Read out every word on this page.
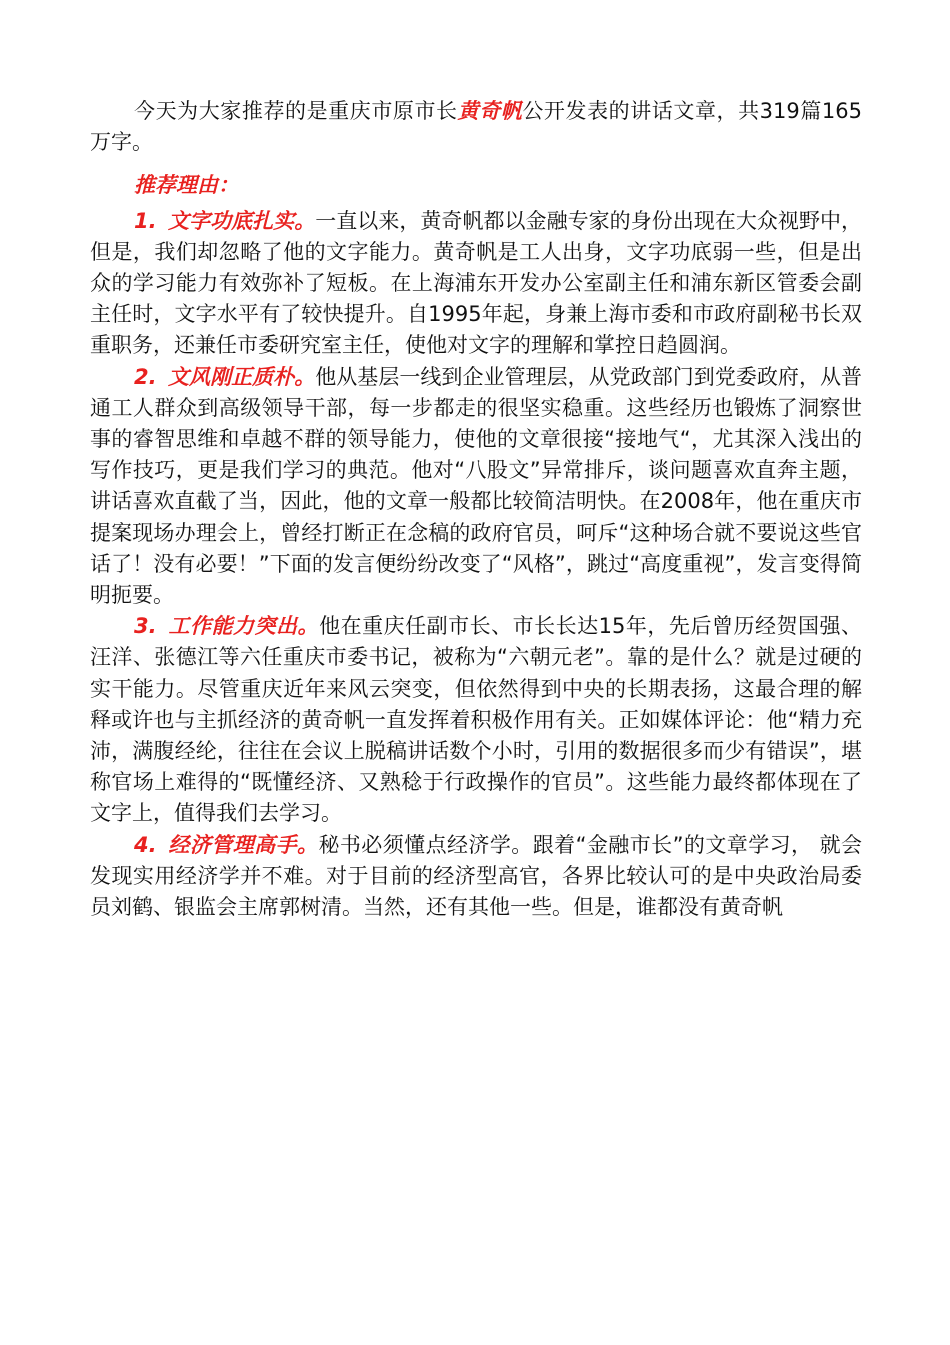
今天为大家推荐的是重庆市原市长黄奇帆公开发表的讲话文章，共319篇165万字。

推荐理由：

1. 文字功底扎实。一直以来，黄奇帆都以金融专家的身份出现在大众视野中，但是，我们却忽略了他的文字能力。黄奇帆是工人出身，文字功底弱一些，但是出众的学习能力有效弥补了短板。在上海浦东开发办公室副主任和浦东新区管委会副主任时，文字水平有了较快提升。自1995年起，身兼上海市委和市政府副秘书长双重职务，还兼任市委研究室主任，使他对文字的理解和掌控日趋圆润。

2. 文风刚正质朴。他从基层一线到企业管理层，从党政部门到党委政府，从普通工人群众到高级领导干部，每一步都走的很坚实稳重。这些经历也锻炼了洞察世事的睿智思维和卓越不群的领导能力，使他的文章很接“接地气“，尤其深入浅出的写作技巧，更是我们学习的典范。他对“八股文”异常排斥，谈问题喜欢直奔主题，讲话喜欢直截了当，因此，他的文章一般都比较简洁明快。在2008年，他在重庆市提案现场办理会上，曾经打断正在念稿的政府官员，呵斥“这种场合就不要说这些官话了！没有必要！”下面的发言便纷纷改变了“风格”，跳过“高度重视”，发言变得简明扼要。

3. 工作能力突出。他在重庆任副市长、市长长达15年，先后曾历经贺国强、汪洋、张德江等六任重庆市委书记，被称为“六朝元老”。靠的是什么？就是过硬的实干能力。尽管重庆近年来风云突变，但依然得到中央的长期表扬，这最合理的解释或许也与主抓经济的黄奇帆一直发挥着积极作用有关。正如媒体评论：他“精力充沛，满腹经纶，往往在会议上脱稿讲话数个小时，引用的数据很多而少有错误”，堪称官场上难得的“既懂经济、又熟稔于行政操作的官员”。这些能力最终都体现在了文字上，值得我们去学习。

4. 经济管理高手。秘书必须懂点经济学。跟着“金融市长”的文章学习， 就会发现实用经济学并不难。对于目前的经济型高官，各界比较认可的是中央政治局委员刘鹤、银监会主席郭树清。当然，还有其他一些。但是，谁都没有黄奇帆
